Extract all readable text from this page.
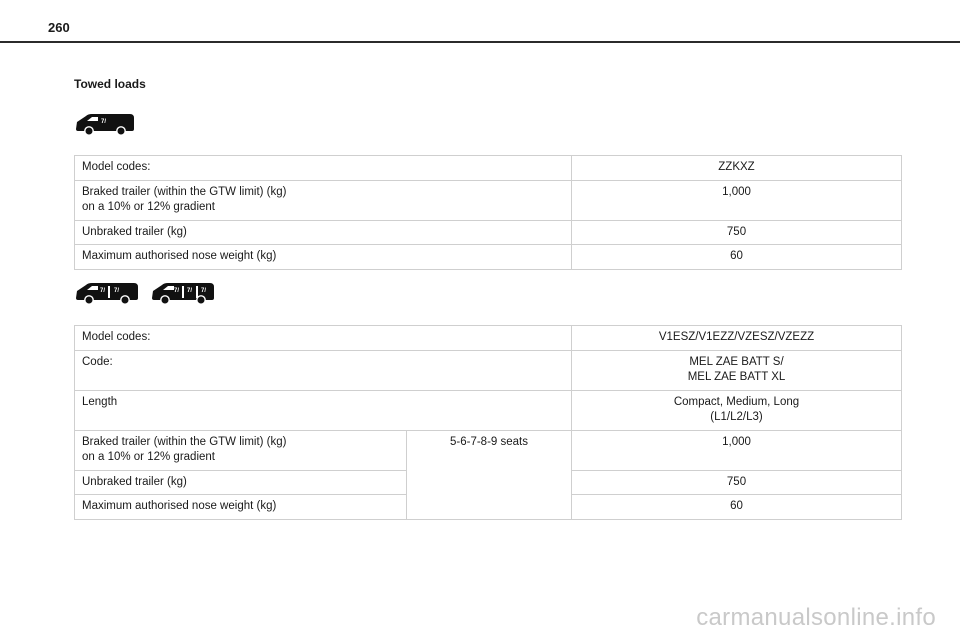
260
Towed loads
7/
Model codes:	ZZKXZ
Braked trailer (within the GTW limit) (kg)
on a 10% or 12% gradient	1,000
Unbraked trailer (kg)	750
Maximum authorised nose weight (kg)	60
7/ 7/	7/ 7/ 7/
Model codes:		V1ESZ/V1EZZ/VZESZ/VZEZZ
Code:		MEL ZAE BATT S/
MEL ZAE BATT XL
Length		Compact, Medium, Long
(L1/L2/L3)
Braked trailer (within the GTW limit) (kg)
on a 10% or 12% gradient	5-6-7-8-9 seats	1,000
Unbraked trailer (kg)		750
Maximum authorised nose weight (kg)		60
carmanualsonline.info
